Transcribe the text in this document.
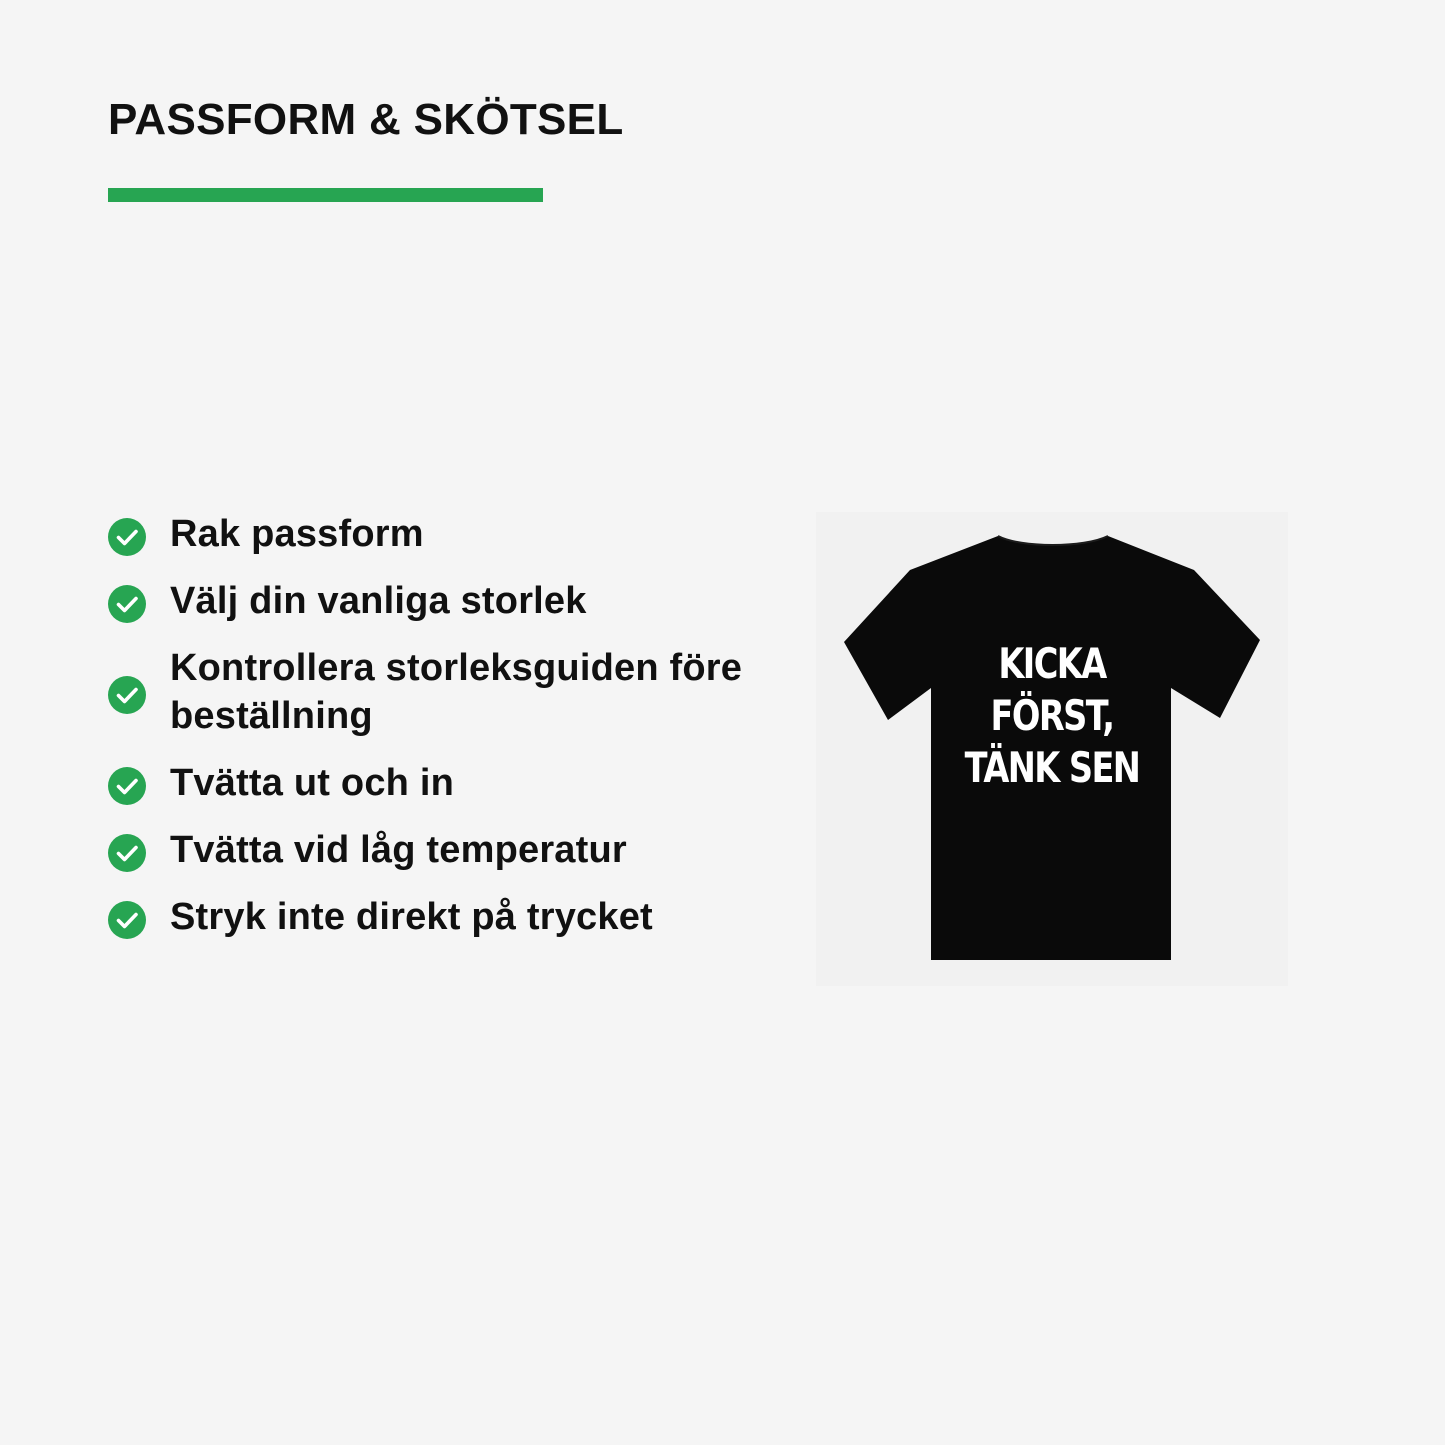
PASSFORM & SKÖTSEL
Rak passform
Välj din vanliga storlek
Kontrollera storleksguiden före beställning
Tvätta ut och in
Tvätta vid låg temperatur
Stryk inte direkt på trycket
KICKA
FÖRST,
TÄNK SEN
